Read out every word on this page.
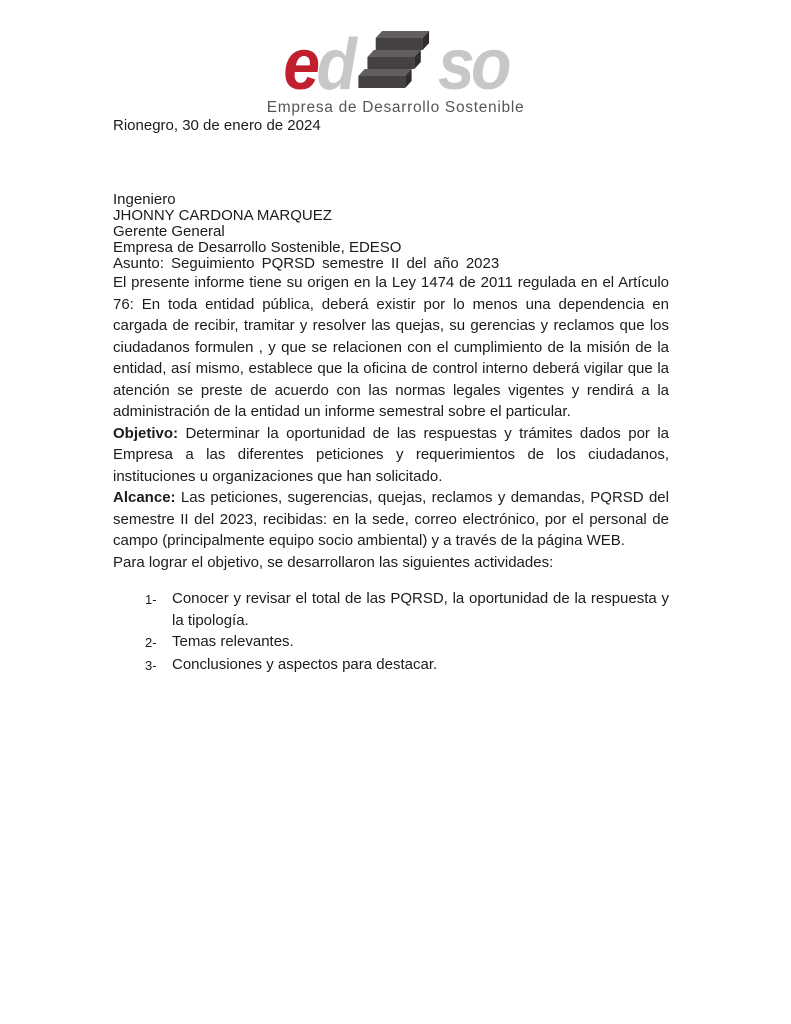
e d so
Empresa de Desarrollo Sostenible

Rionegro, 30 de enero de 2024

Ingeniero
JHONNY CARDONA MARQUEZ
Gerente General
Empresa de Desarrollo Sostenible, EDESO

Asunto: Seguimiento PQRSD semestre II del año 2023

El presente informe tiene su origen en la Ley 1474 de 2011 regulada en el Artículo 76: En toda entidad pública, deberá existir por lo menos una dependencia en cargada de recibir, tramitar y resolver las quejas, su gerencias y reclamos que los ciudadanos formulen , y que se relacionen con el cumplimiento de la misión de la entidad, así mismo, establece que la oficina de control interno deberá vigilar que la atención se preste de acuerdo con las normas legales vigentes y rendirá a la administración de la entidad un informe semestral sobre el particular.

Objetivo: Determinar la oportunidad de las respuestas y trámites dados por la Empresa a las diferentes peticiones y requerimientos de los ciudadanos, instituciones u organizaciones que han solicitado.

Alcance: Las peticiones, sugerencias, quejas, reclamos y demandas, PQRSD del semestre II del 2023, recibidas: en la sede, correo electrónico, por el personal de campo (principalmente equipo socio ambiental) y a través de la página WEB.

Para lograr el objetivo, se desarrollaron las siguientes actividades:

1-	Conocer y revisar el total de las PQRSD, la oportunidad de la respuesta y la tipología.
2-	Temas relevantes.
3-	Conclusiones y aspectos para destacar.
